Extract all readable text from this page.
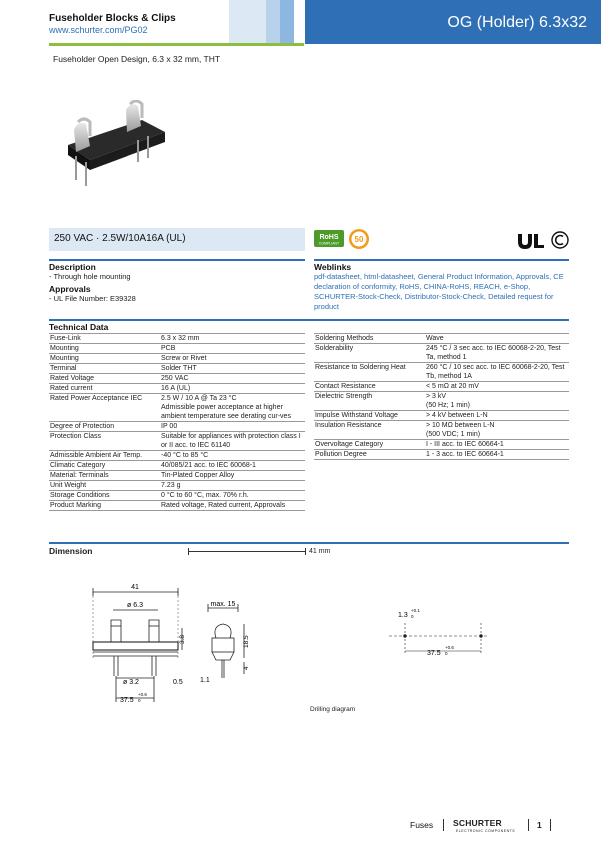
Fuseholder Blocks & Clips
www.schurter.com/PG02	OG (Holder) 6.3x32
Fuseholder Open Design, 6.3 x 32 mm, THT
250 VAC · 2.5W/10A16A (UL)	RoHS
COMPLIANT 50
Description
- Through hole mounting
Approvals
- UL File Number: E39328
Weblinks
pdf-datasheet, html-datasheet, General Product Information, Approvals, CE declaration of conformity, RoHS, CHINA-RoHS, REACH, e-Shop, SCHURTER-Stock-Check, Distributor-Stock-Check, Detailed request for product
Technical Data
Fuse-Link	6.3 x 32 mm
Mounting	PCB
Mounting	Screw or Rivet
Terminal	Solder THT
Rated Voltage	250 VAC
Rated current	16 A (UL)
Rated Power Acceptance IEC	2.5 W / 10 A @ Ta 23 °C
Admissible power acceptance at higher ambient temperature see derating cur-ves
Degree of Protection	IP 00
Protection Class	Suitable for appliances with protection class I or II acc. to IEC 61140
Admissible Ambient Air Temp.	-40 °C to 85 °C
Climatic Category	40/085/21 acc. to IEC 60068-1
Material: Terminals	Tin-Plated Copper Alloy
Unit Weight	7.23 g
Storage Conditions	0 °C to 60 °C, max. 70% r.h.
Product Marking	Rated voltage, Rated current, Approvals
Soldering Methods	Wave
Solderability	245 °C / 3 sec acc. to IEC 60068-2-20, Test Ta, method 1
Resistance to Soldering Heat	260 °C / 10 sec acc. to IEC 60068-2-20, Test Tb, method 1A
Contact Resistance	< 5 mΩ at 20 mV
Dielectric Strength	> 3 kV
(50 Hz; 1 min)
Impulse Withstand Voltage	> 4 kV between L-N
Insulation Resistance	> 10 MΩ between L-N
(500 VDC; 1 min)
Overvoltage Category	I - III acc. to IEC 60664-1
Pollution Degree	1 - 3 acc. to IEC 60664-1
Dimension	41 mm
41
ø 6.3
3.8
ø 3.2	0.5
37.5
+0.6
0
max. 15
18.5
4
1.1
1.3
+0.1
0
37.5
+0.6
0
Drilling diagram
Fuses SCHURTER
ELECTRONIC COMPONENTS
1
